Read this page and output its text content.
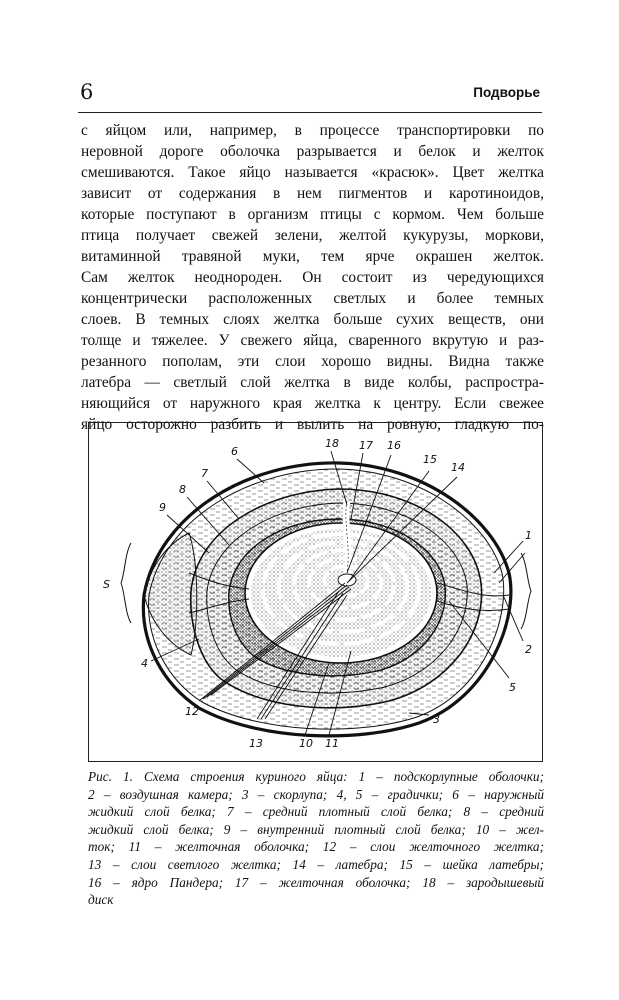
6	Подворье
с яйцом или, например, в процессе транспортировки по
неровной дороге оболочка разрывается и белок и желток
смешиваются. Такое яйцо называется «красюк». Цвет желтка
зависит от содержания в нем пигментов и каротиноидов,
которые поступают в организм птицы с кормом. Чем больше
птица получает свежей зелени, желтой кукурузы, моркови,
витаминной травяной муки, тем ярче окрашен желток.
Сам желток неоднороден. Он состоит из чередующихся
концентрически расположенных светлых и более темных
слоев. В темных слоях желтка больше сухих веществ, они
толще и тяжелее. У свежего яйца, сваренного вкрутую и раз-
резанного пополам, эти слои хорошо видны. Видна также
латебра — светлый слой желтка в виде колбы, распростра-
няющийся от наружного края желтка к центру. Если свежее
яйцо осторожно разбить и вылить на ровную, гладкую по-
S
1
2
3
4
5
6
7
8
9
10 11
12
13
14
15
16
17
18
Рис. 1. Схема строения куриного яйца: 1 – подскорлупные оболочки;
2 – воздушная камера; 3 – скорлупа; 4, 5 – градички; 6 – наружный
жидкий слой белка; 7 – средний плотный слой белка; 8 – средний
жидкий слой белка; 9 – внутренний плотный слой белка; 10 – жел-
ток; 11 – желточная оболочка; 12 – слои желточного желтка;
13 – слои светлого желтка; 14 – латебра; 15 – шейка латебры;
16 – ядро Пандера; 17 – желточная оболочка; 18 – зародышевый
диск
